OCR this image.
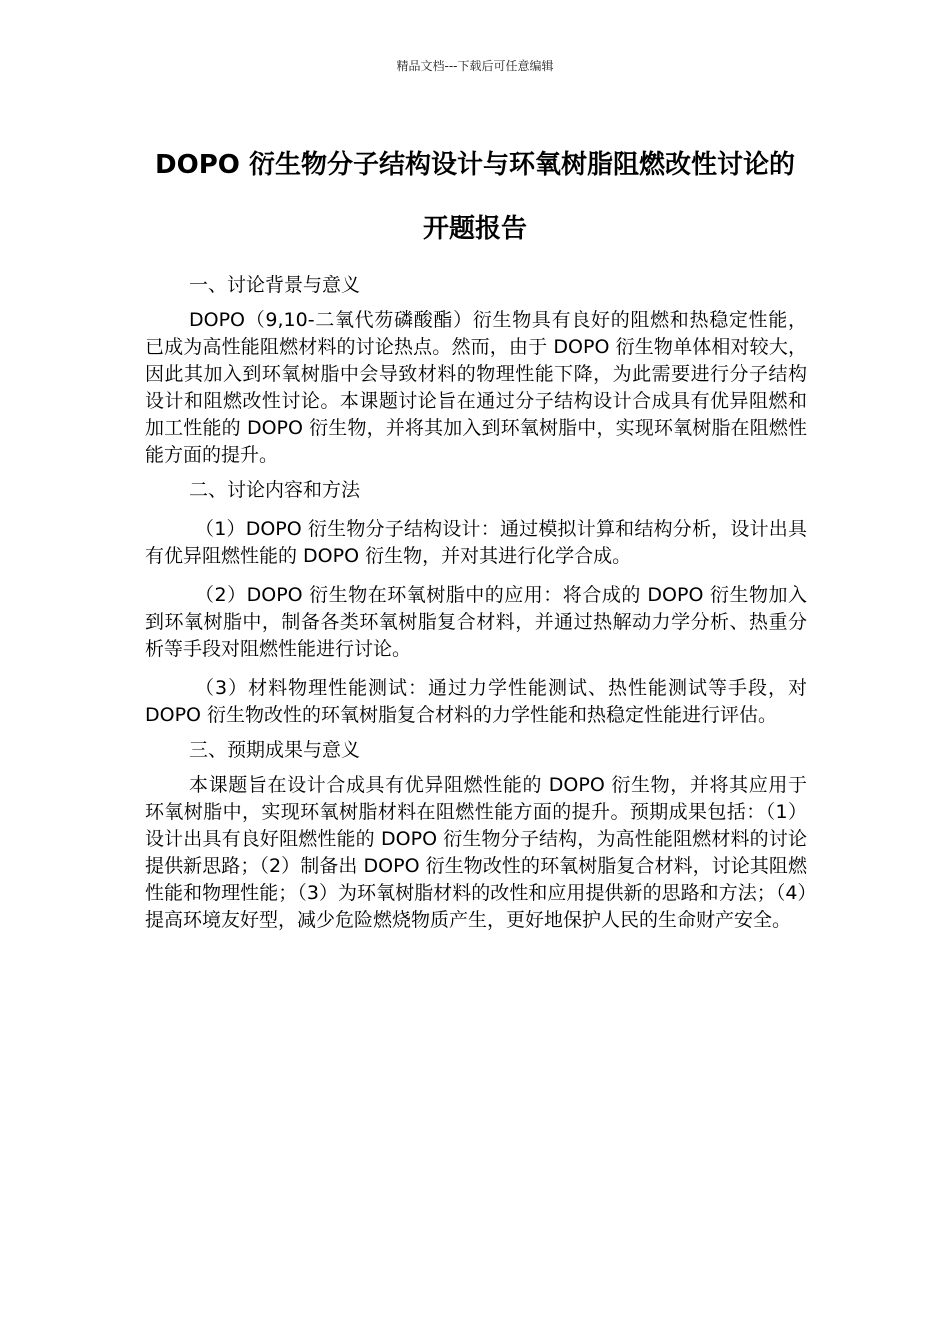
精品文档---下载后可任意编辑
DOPO 衍生物分子结构设计与环氧树脂阻燃改性讨论的开题报告

一、讨论背景与意义

DOPO（9,10-二氧代芴磷酸酯）衍生物具有良好的阻燃和热稳定性能，已成为高性能阻燃材料的讨论热点。然而，由于 DOPO 衍生物单体相对较大，因此其加入到环氧树脂中会导致材料的物理性能下降，为此需要进行分子结构设计和阻燃改性讨论。本课题讨论旨在通过分子结构设计合成具有优异阻燃和加工性能的 DOPO 衍生物，并将其加入到环氧树脂中，实现环氧树脂在阻燃性能方面的提升。

二、讨论内容和方法

（1）DOPO 衍生物分子结构设计：通过模拟计算和结构分析，设计出具有优异阻燃性能的 DOPO 衍生物，并对其进行化学合成。

（2）DOPO 衍生物在环氧树脂中的应用：将合成的 DOPO 衍生物加入到环氧树脂中，制备各类环氧树脂复合材料，并通过热解动力学分析、热重分析等手段对阻燃性能进行讨论。

（3）材料物理性能测试：通过力学性能测试、热性能测试等手段，对 DOPO 衍生物改性的环氧树脂复合材料的力学性能和热稳定性能进行评估。

三、预期成果与意义

本课题旨在设计合成具有优异阻燃性能的 DOPO 衍生物，并将其应用于环氧树脂中，实现环氧树脂材料在阻燃性能方面的提升。预期成果包括：（1）设计出具有良好阻燃性能的 DOPO 衍生物分子结构，为高性能阻燃材料的讨论提供新思路；（2）制备出 DOPO 衍生物改性的环氧树脂复合材料，讨论其阻燃性能和物理性能；（3）为环氧树脂材料的改性和应用提供新的思路和方法；（4）提高环境友好型，减少危险燃烧物质产生，更好地保护人民的生命财产安全。
